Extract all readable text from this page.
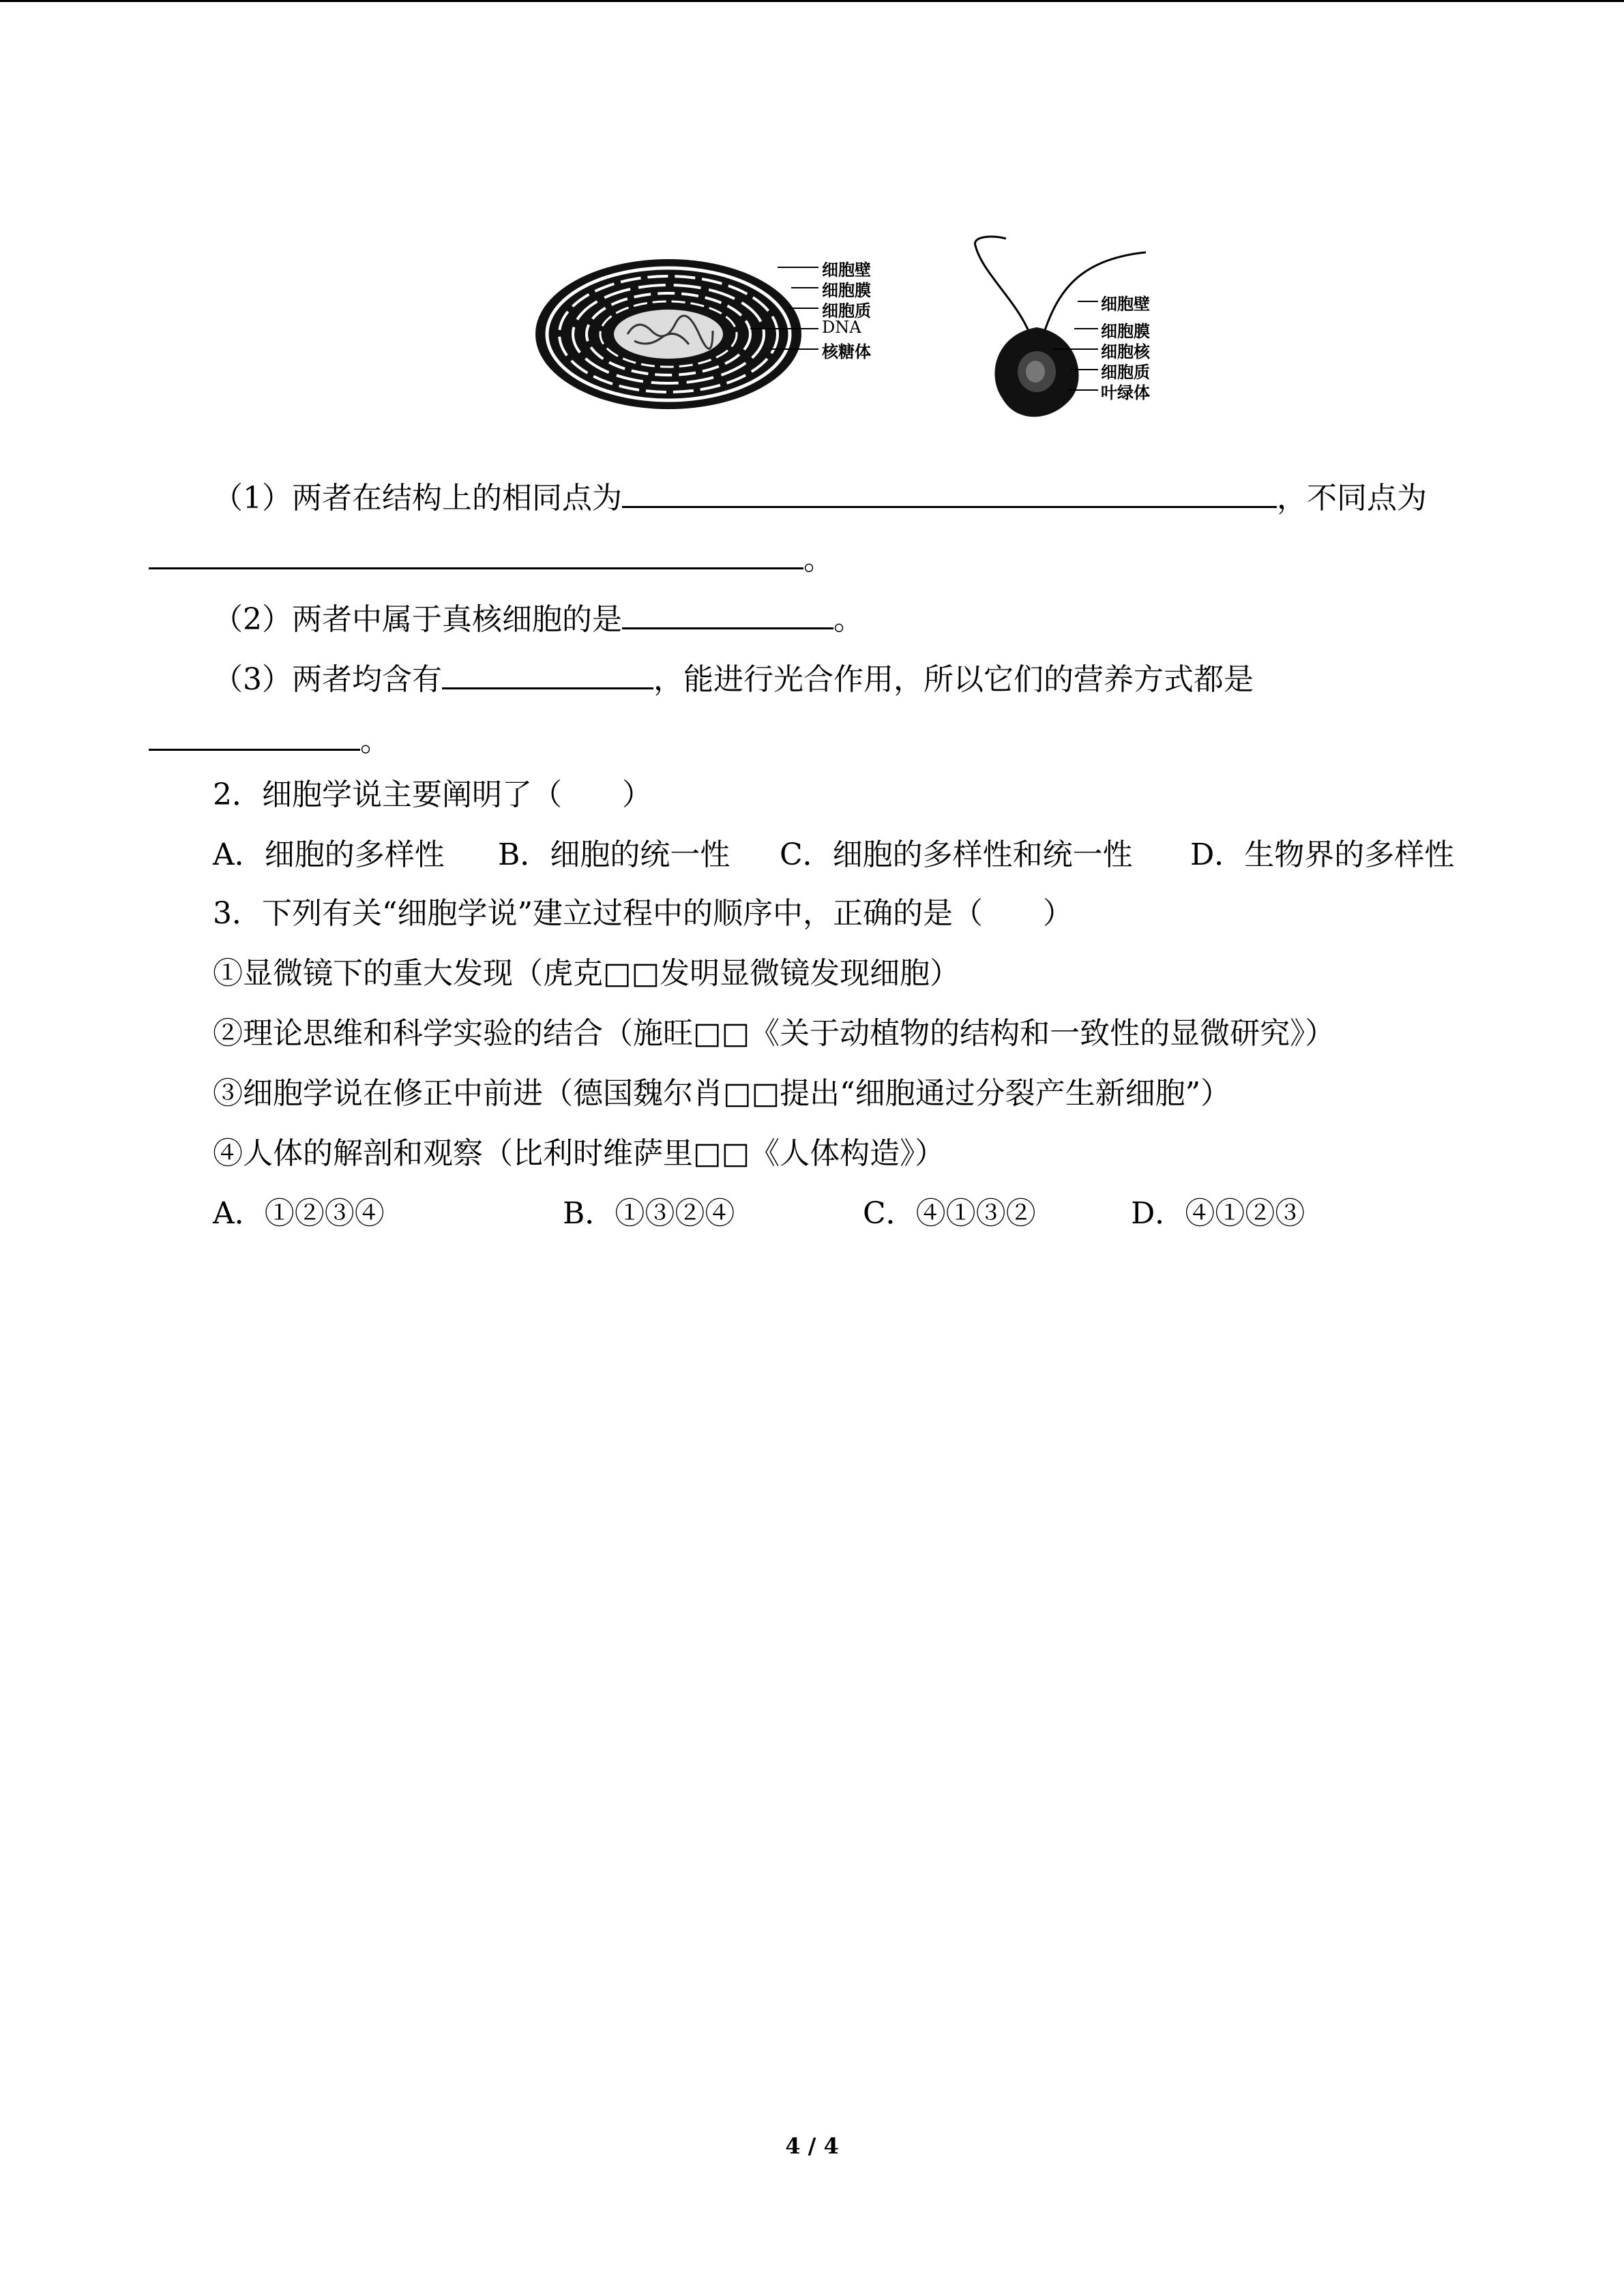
细胞壁
细胞膜
细胞质
DNA
核糖体
细胞壁
细胞膜
细胞核
细胞质
叶绿体
（1）两者在结构上的相同点为	，不同点为
。
（2）两者中属于真核细胞的是	。
（3）两者均含有	，能进行光合作用，所以它们的营养方式都是
。
2．细胞学说主要阐明了（　　）
A．细胞的多样性 B．细胞的统一性 C．细胞的多样性和统一性 D．生物界的多样性
3．下列有关“细胞学说”建立过程中的顺序中，正确的是（　　）
①显微镜下的重大发现（虎克□□发明显微镜发现细胞）
②理论思维和科学实验的结合（施旺□□《关于动植物的结构和一致性的显微研究》）
③细胞学说在修正中前进（德国魏尔肖□□提出“细胞通过分裂产生新细胞”）
④人体的解剖和观察（比利时维萨里□□《人体构造》）
A．①②③④	B．①③②④	C．④①③②	D．④①②③
4 / 4
